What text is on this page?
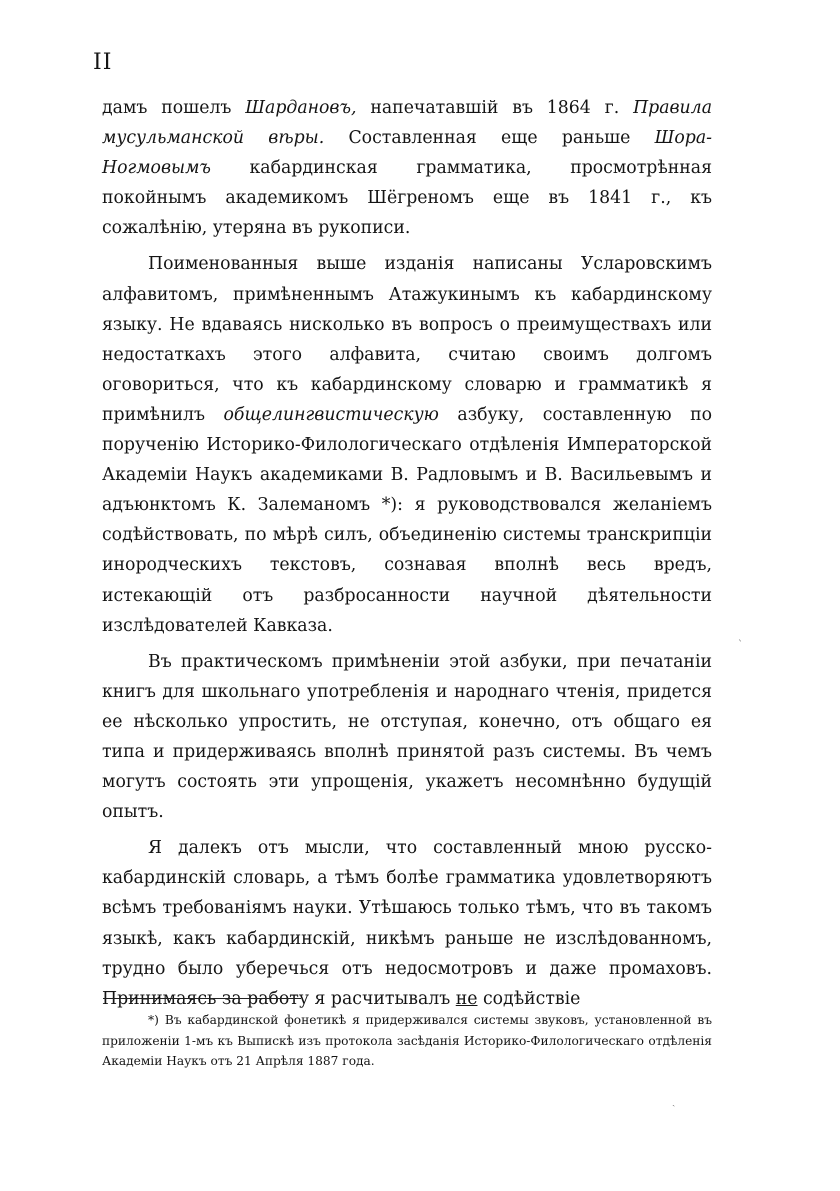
II

дамъ пошелъ Шардановъ, напечатавшій въ 1864 г. Правила мусульманской вѣры. Составленная еще раньше Шора-Ногмовымъ кабардинская грамматика, просмотрѣнная покойнымъ академикомъ Шёгреномъ еще въ 1841 г., къ сожалѣнію, утеряна въ рукописи.

Поименованныя выше изданія написаны Усларовскимъ алфавитомъ, примѣненнымъ Атажукинымъ къ кабардинскому языку. Не вдаваясь нисколько въ вопросъ о преимуществахъ или недостаткахъ этого алфавита, считаю своимъ долгомъ оговориться, что къ кабардинскому словарю и грамматикѣ я примѣнилъ общелингвистическую азбуку, составленную по порученію Историко-Филологическаго отдѣленія Императорской Академіи Наукъ академиками В. Радловымъ и В. Васильевымъ и адъюнктомъ К. Залеманомъ *): я руководствовался желаніемъ содѣйствовать, по мѣрѣ силъ, объединенію системы транскрипціи инородческихъ текстовъ, сознавая вполнѣ весь вредъ, истекающій отъ разбросанности научной дѣятельности изслѣдователей Кавказа.

Въ практическомъ примѣненіи этой азбуки, при печатаніи книгъ для школьнаго употребленія и народнаго чтенія, придется ее нѣсколько упростить, не отступая, конечно, отъ общаго ея типа и придерживаясь вполнѣ принятой разъ системы. Въ чемъ могутъ состоять эти упрощенія, укажетъ несомнѣнно будущій опытъ.

Я далекъ отъ мысли, что составленный мною русско-кабардинскій словарь, а тѣмъ болѣе грамматика удовлетворяютъ всѣмъ требованіямъ науки. Утѣшаюсь только тѣмъ, что въ такомъ языкѣ, какъ кабардинскій, никѣмъ раньше не изслѣдованномъ, трудно было уберечься отъ недосмотровъ и даже промаховъ. Принимаясь за работу я расчитывалъ не содѣйствіе

*) Въ кабардинской фонетикѣ я придерживался системы звуковъ, установленной въ приложеніи 1-мъ къ Выпискѣ изъ протокола засѣданія Историко-Филологическаго отдѣленія Академіи Наукъ отъ 21 Апрѣля 1887 года.

ˋ
ˎ
